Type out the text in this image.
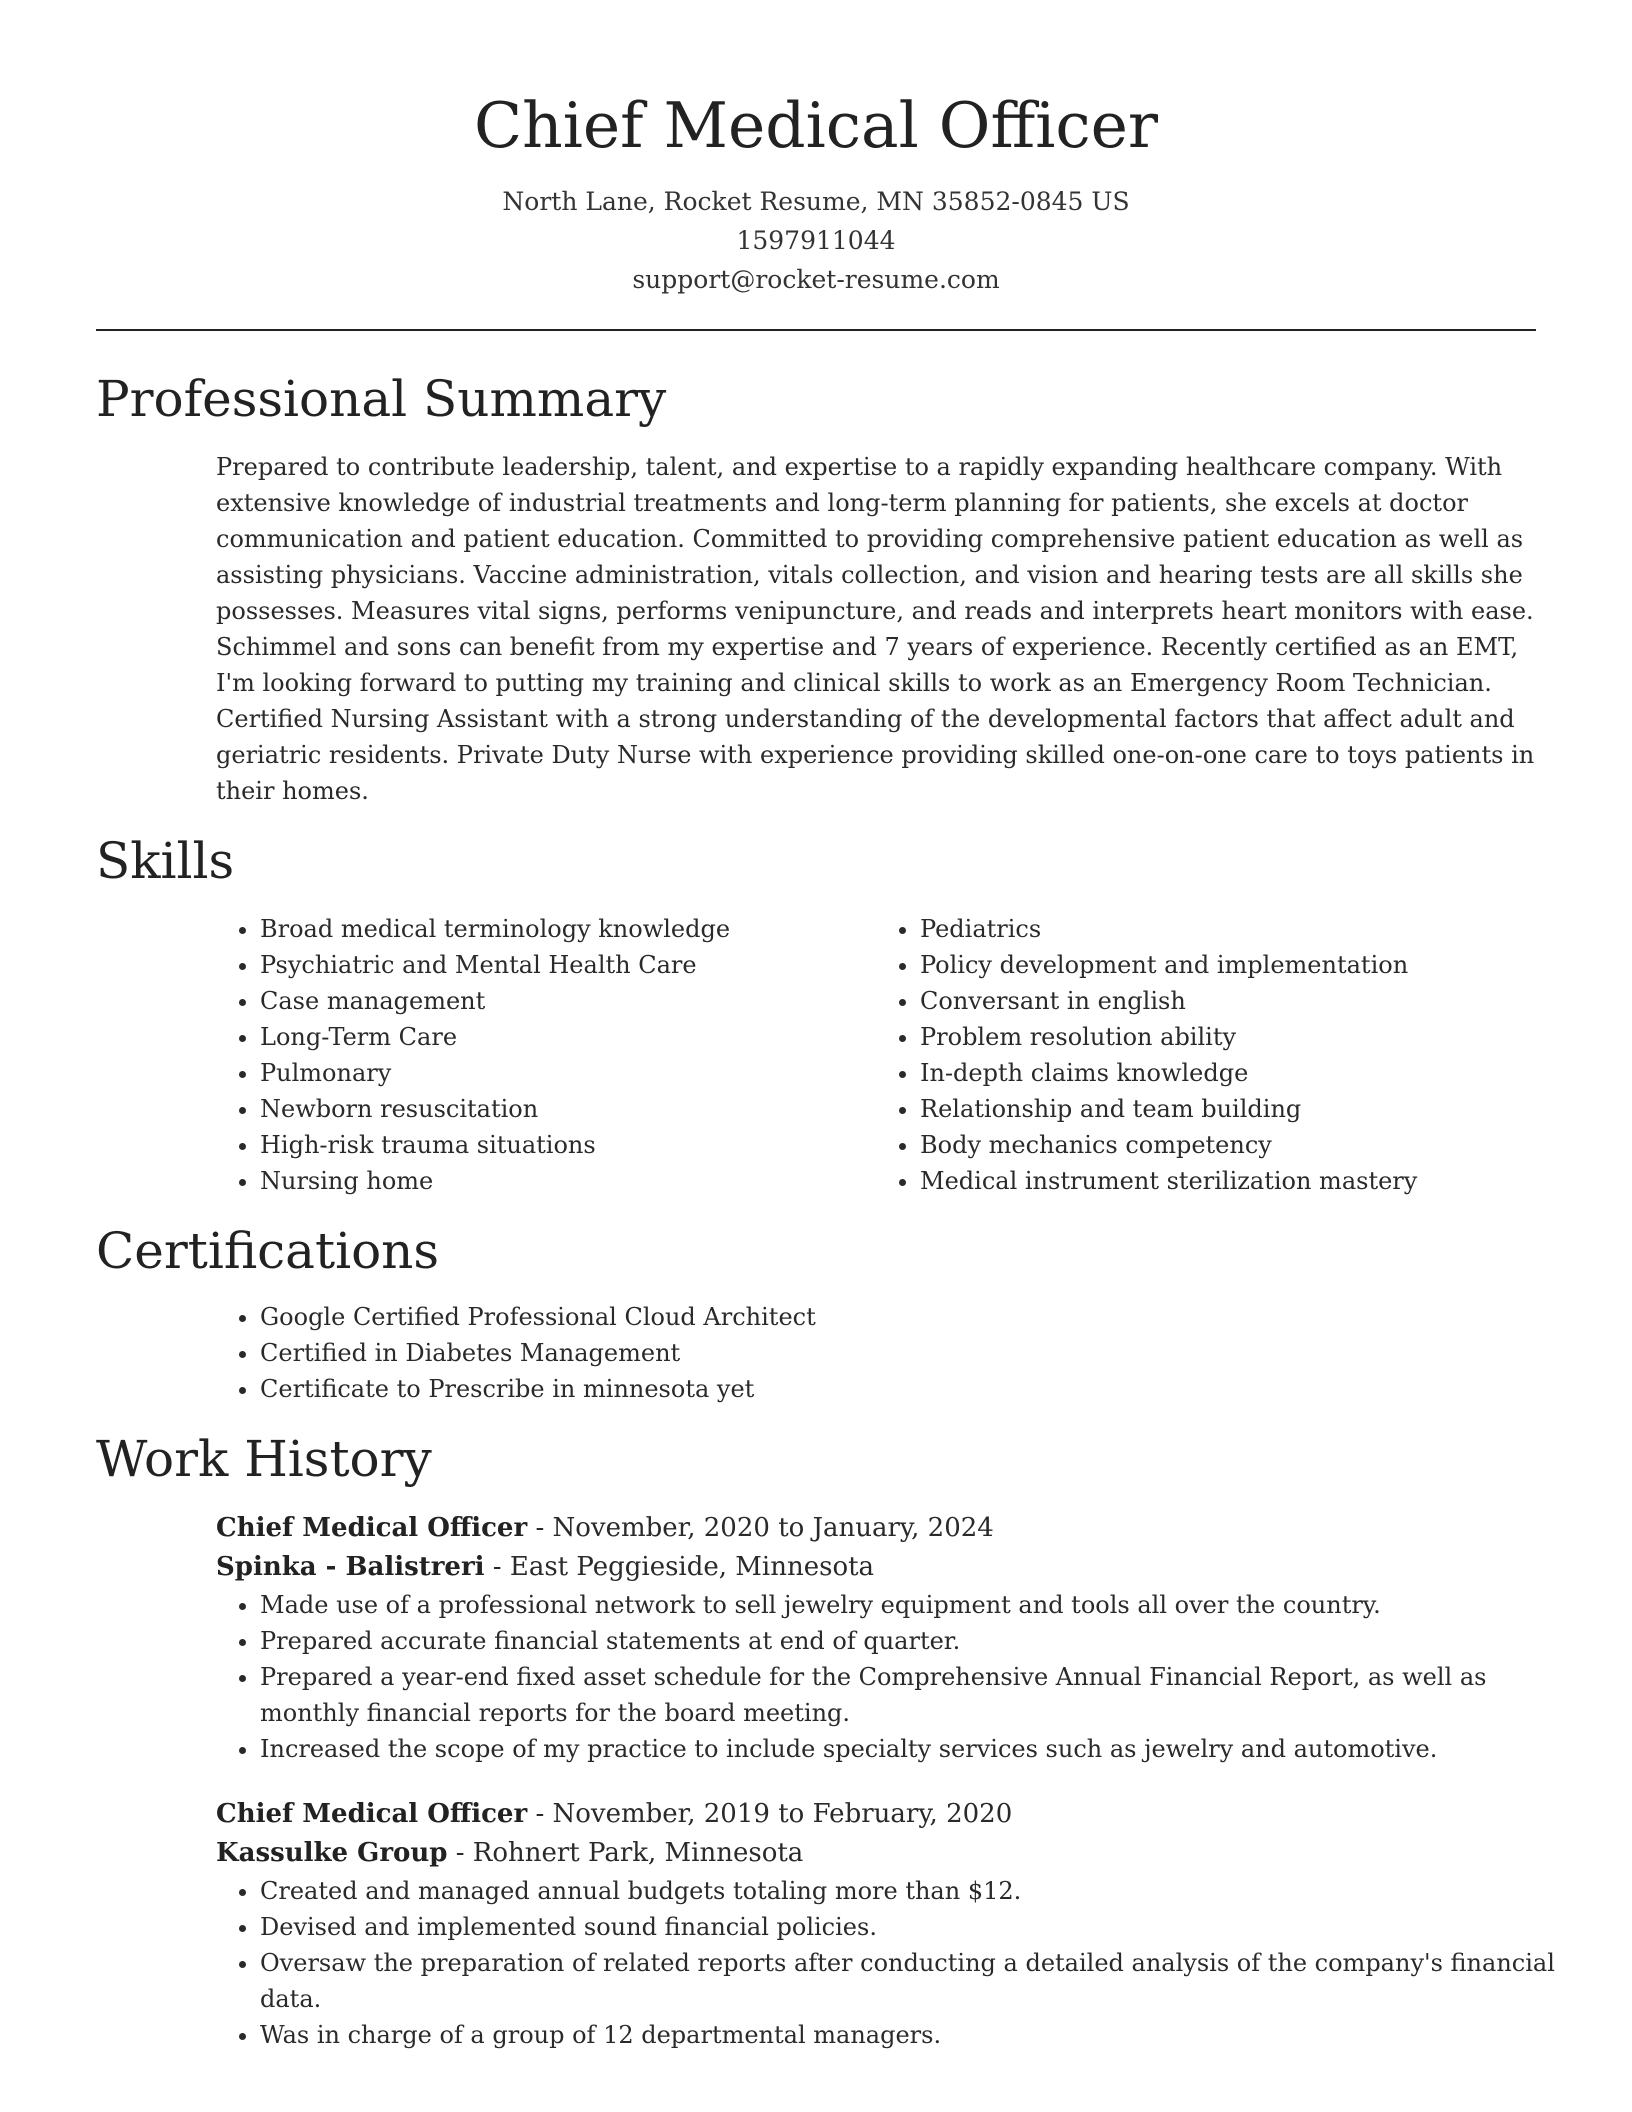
Chief Medical Officer
North Lane, Rocket Resume, MN 35852-0845 US
1597911044
support@rocket-resume.com
Professional Summary

Prepared to contribute leadership, talent, and expertise to a rapidly expanding healthcare company. With extensive knowledge of industrial treatments and long-term planning for patients, she excels at doctor communication and patient education. Committed to providing comprehensive patient education as well as assisting physicians. Vaccine administration, vitals collection, and vision and hearing tests are all skills she possesses. Measures vital signs, performs venipuncture, and reads and interprets heart monitors with ease. Schimmel and sons can benefit from my expertise and 7 years of experience. Recently certified as an EMT, I'm looking forward to putting my training and clinical skills to work as an Emergency Room Technician. Certified Nursing Assistant with a strong understanding of the developmental factors that affect adult and geriatric residents. Private Duty Nurse with experience providing skilled one-on-one care to toys patients in their homes.

Skills
• Broad medical terminology knowledge
• Psychiatric and Mental Health Care
• Case management
• Long-Term Care
• Pulmonary
• Newborn resuscitation
• High-risk trauma situations
• Nursing home
• Pediatrics
• Policy development and implementation
• Conversant in english
• Problem resolution ability
• In-depth claims knowledge
• Relationship and team building
• Body mechanics competency
• Medical instrument sterilization mastery
Certifications
• Google Certified Professional Cloud Architect
• Certified in Diabetes Management
• Certificate to Prescribe in minnesota yet
Work History
Chief Medical Officer - November, 2020 to January, 2024
Spinka - Balistreri - East Peggieside, Minnesota
• Made use of a professional network to sell jewelry equipment and tools all over the country.
• Prepared accurate financial statements at end of quarter.
• Prepared a year-end fixed asset schedule for the Comprehensive Annual Financial Report, as well as monthly financial reports for the board meeting.
• Increased the scope of my practice to include specialty services such as jewelry and automotive.
Chief Medical Officer - November, 2019 to February, 2020
Kassulke Group - Rohnert Park, Minnesota
• Created and managed annual budgets totaling more than $12.
• Devised and implemented sound financial policies.
• Oversaw the preparation of related reports after conducting a detailed analysis of the company's financial data.
• Was in charge of a group of 12 departmental managers.
